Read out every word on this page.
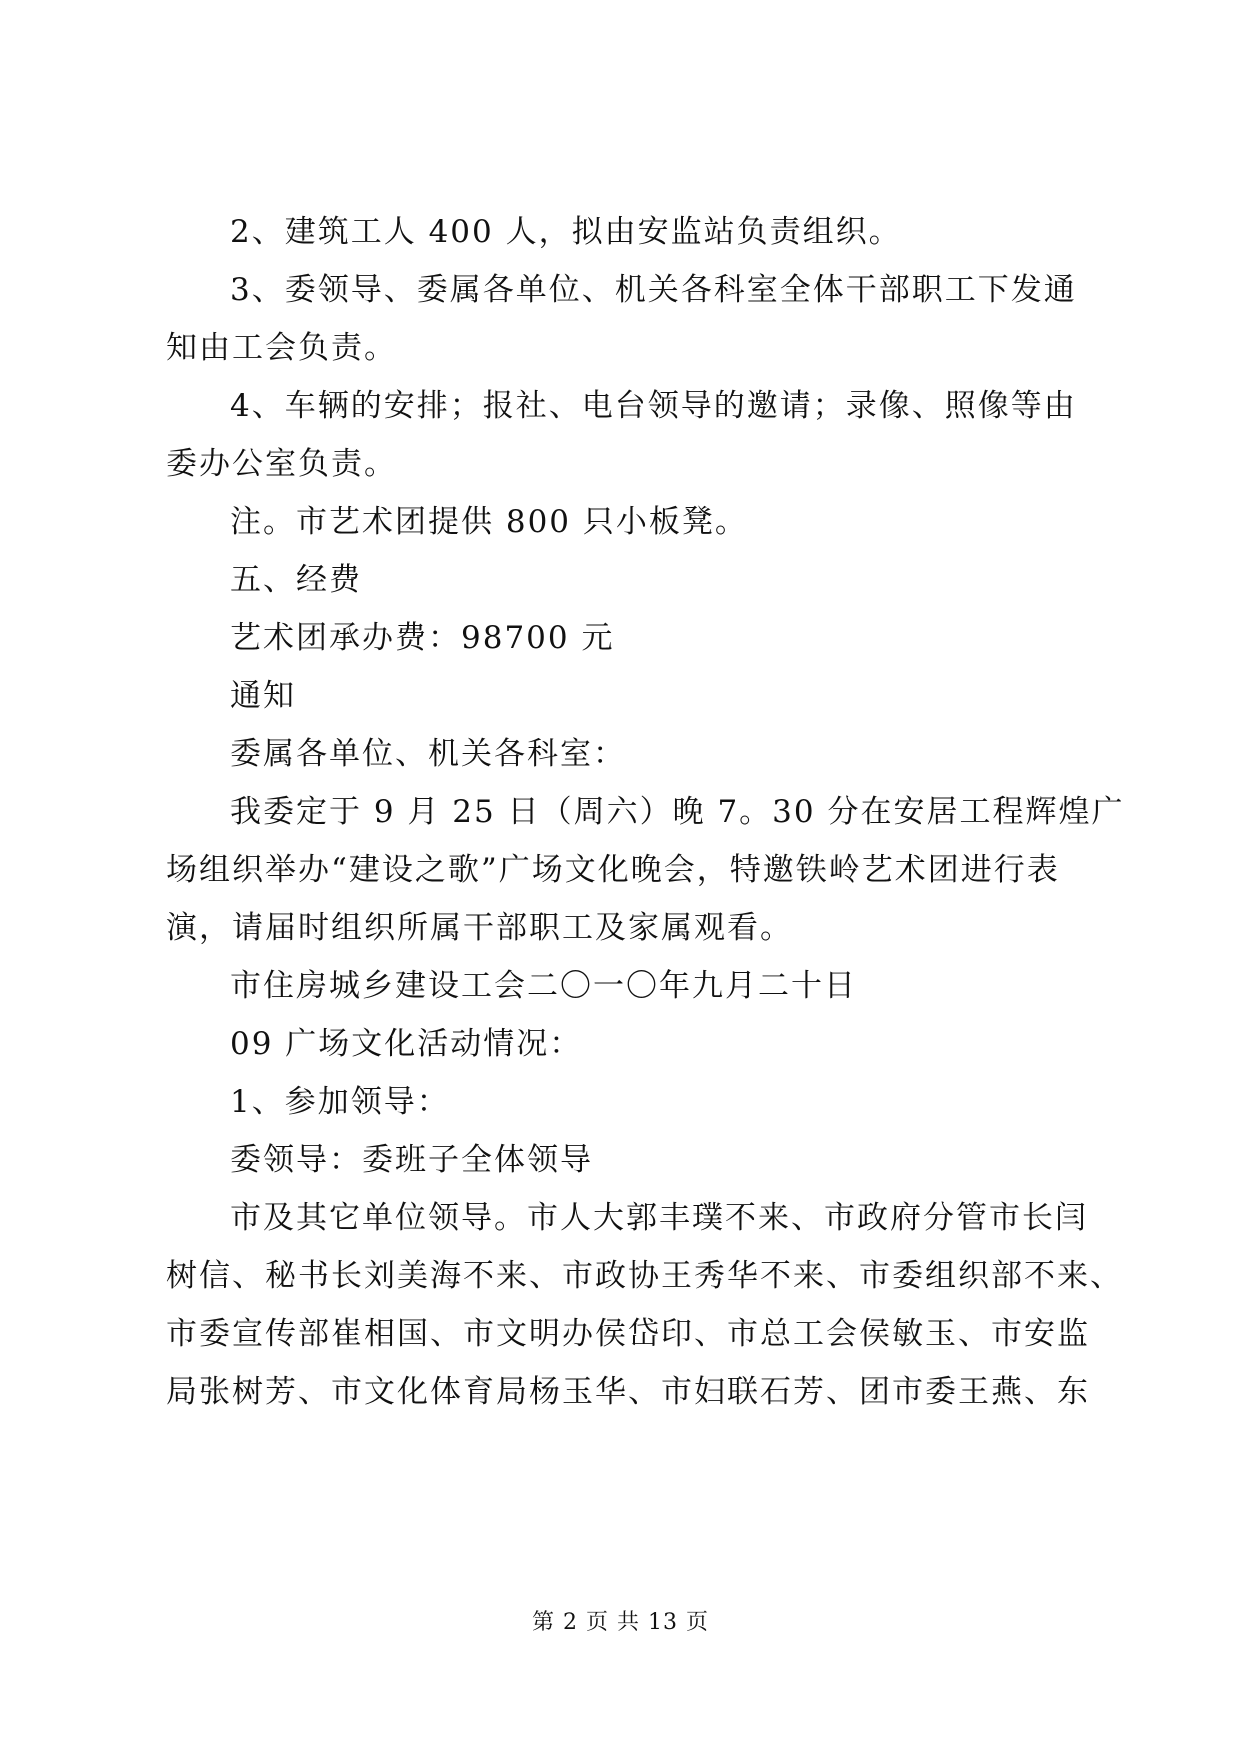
2、建筑工人 400 人，拟由安监站负责组织。

3、委领导、委属各单位、机关各科室全体干部职工下发通

知由工会负责。

4、车辆的安排；报社、电台领导的邀请；录像、照像等由

委办公室负责。

注。市艺术团提供 800 只小板凳。

五、经费

艺术团承办费：98700 元

通知

委属各单位、机关各科室：

我委定于 9 月 25 日（周六）晚 7。30 分在安居工程辉煌广

场组织举办“建设之歌”广场文化晚会，特邀铁岭艺术团进行表

演，请届时组织所属干部职工及家属观看。

市住房城乡建设工会二〇一〇年九月二十日

09 广场文化活动情况：

1、参加领导：

委领导：委班子全体领导

市及其它单位领导。市人大郭丰璞不来、市政府分管市长闫

树信、秘书长刘美海不来、市政协王秀华不来、市委组织部不来、

市委宣传部崔相国、市文明办侯岱印、市总工会侯敏玉、市安监

局张树芳、市文化体育局杨玉华、市妇联石芳、团市委王燕、东

第 2 页 共 13 页
